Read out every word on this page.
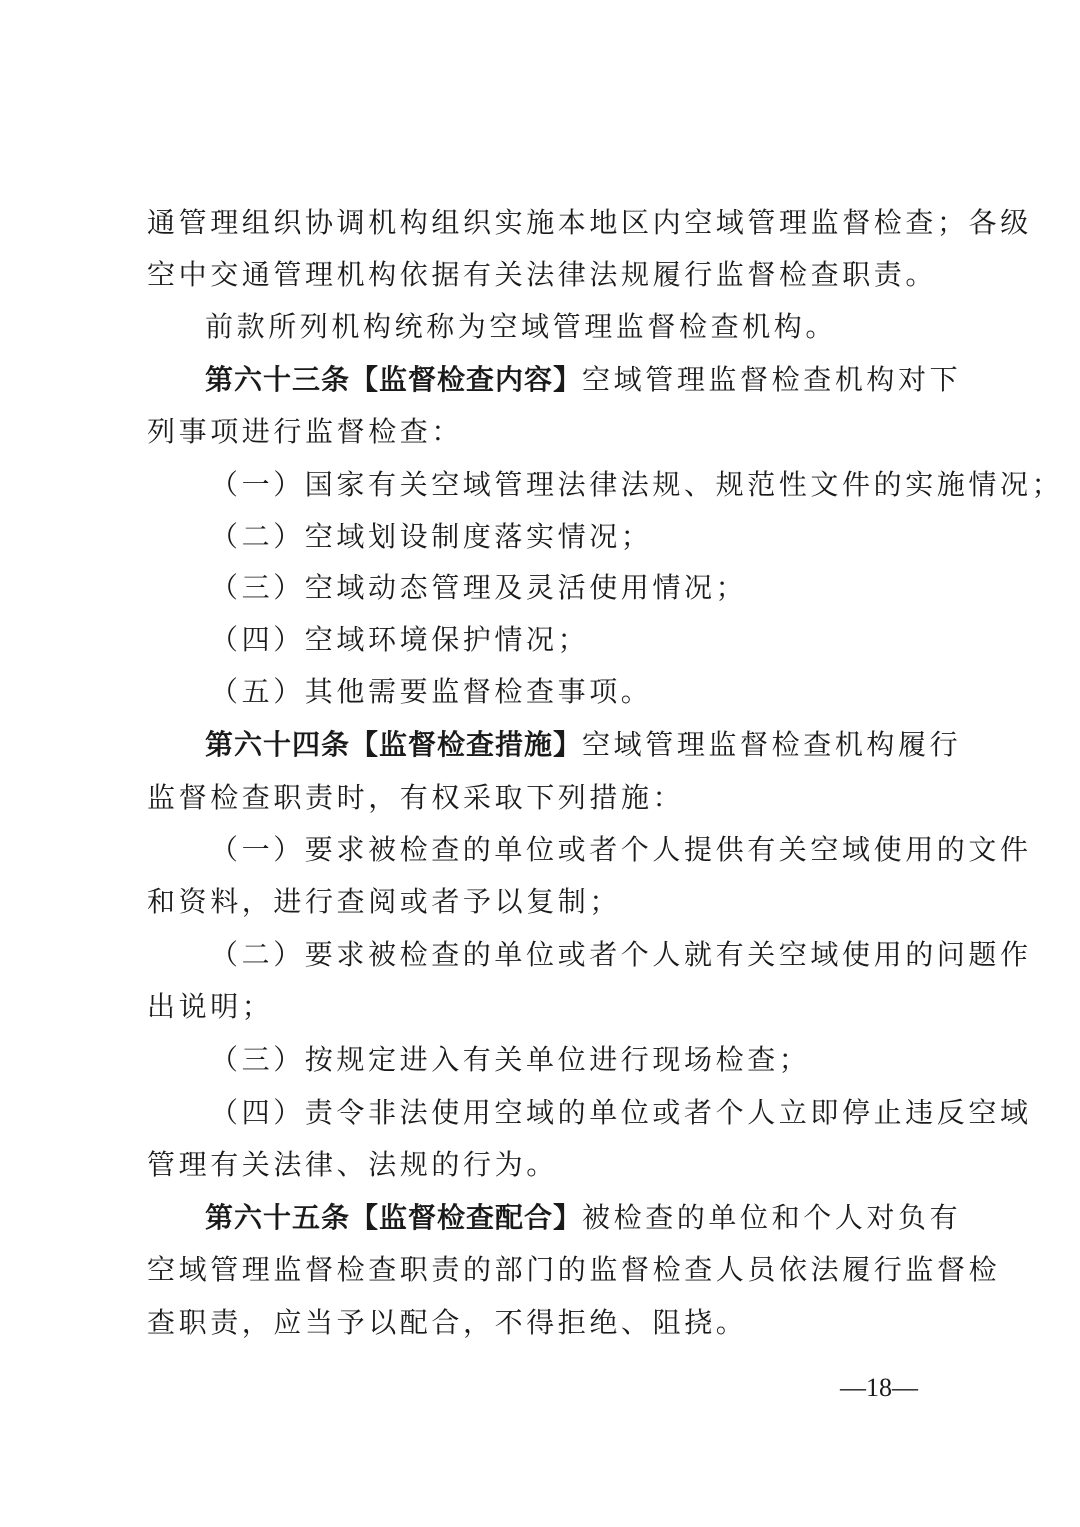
通管理组织协调机构组织实施本地区内空域管理监督检查；各级
空中交通管理机构依据有关法律法规履行监督检查职责。
前款所列机构统称为空域管理监督检查机构。
第六十三条【监督检查内容】空域管理监督检查机构对下
列事项进行监督检查：
（一）国家有关空域管理法律法规、规范性文件的实施情况；
（二）空域划设制度落实情况；
（三）空域动态管理及灵活使用情况；
（四）空域环境保护情况；
（五）其他需要监督检查事项。
第六十四条【监督检查措施】空域管理监督检查机构履行
监督检查职责时，有权采取下列措施：
（一）要求被检查的单位或者个人提供有关空域使用的文件
和资料，进行查阅或者予以复制；
（二）要求被检查的单位或者个人就有关空域使用的问题作
出说明；
（三）按规定进入有关单位进行现场检查；
（四）责令非法使用空域的单位或者个人立即停止违反空域
管理有关法律、法规的行为。
第六十五条【监督检查配合】被检查的单位和个人对负有
空域管理监督检查职责的部门的监督检查人员依法履行监督检
查职责，应当予以配合，不得拒绝、阻挠。
—18—
